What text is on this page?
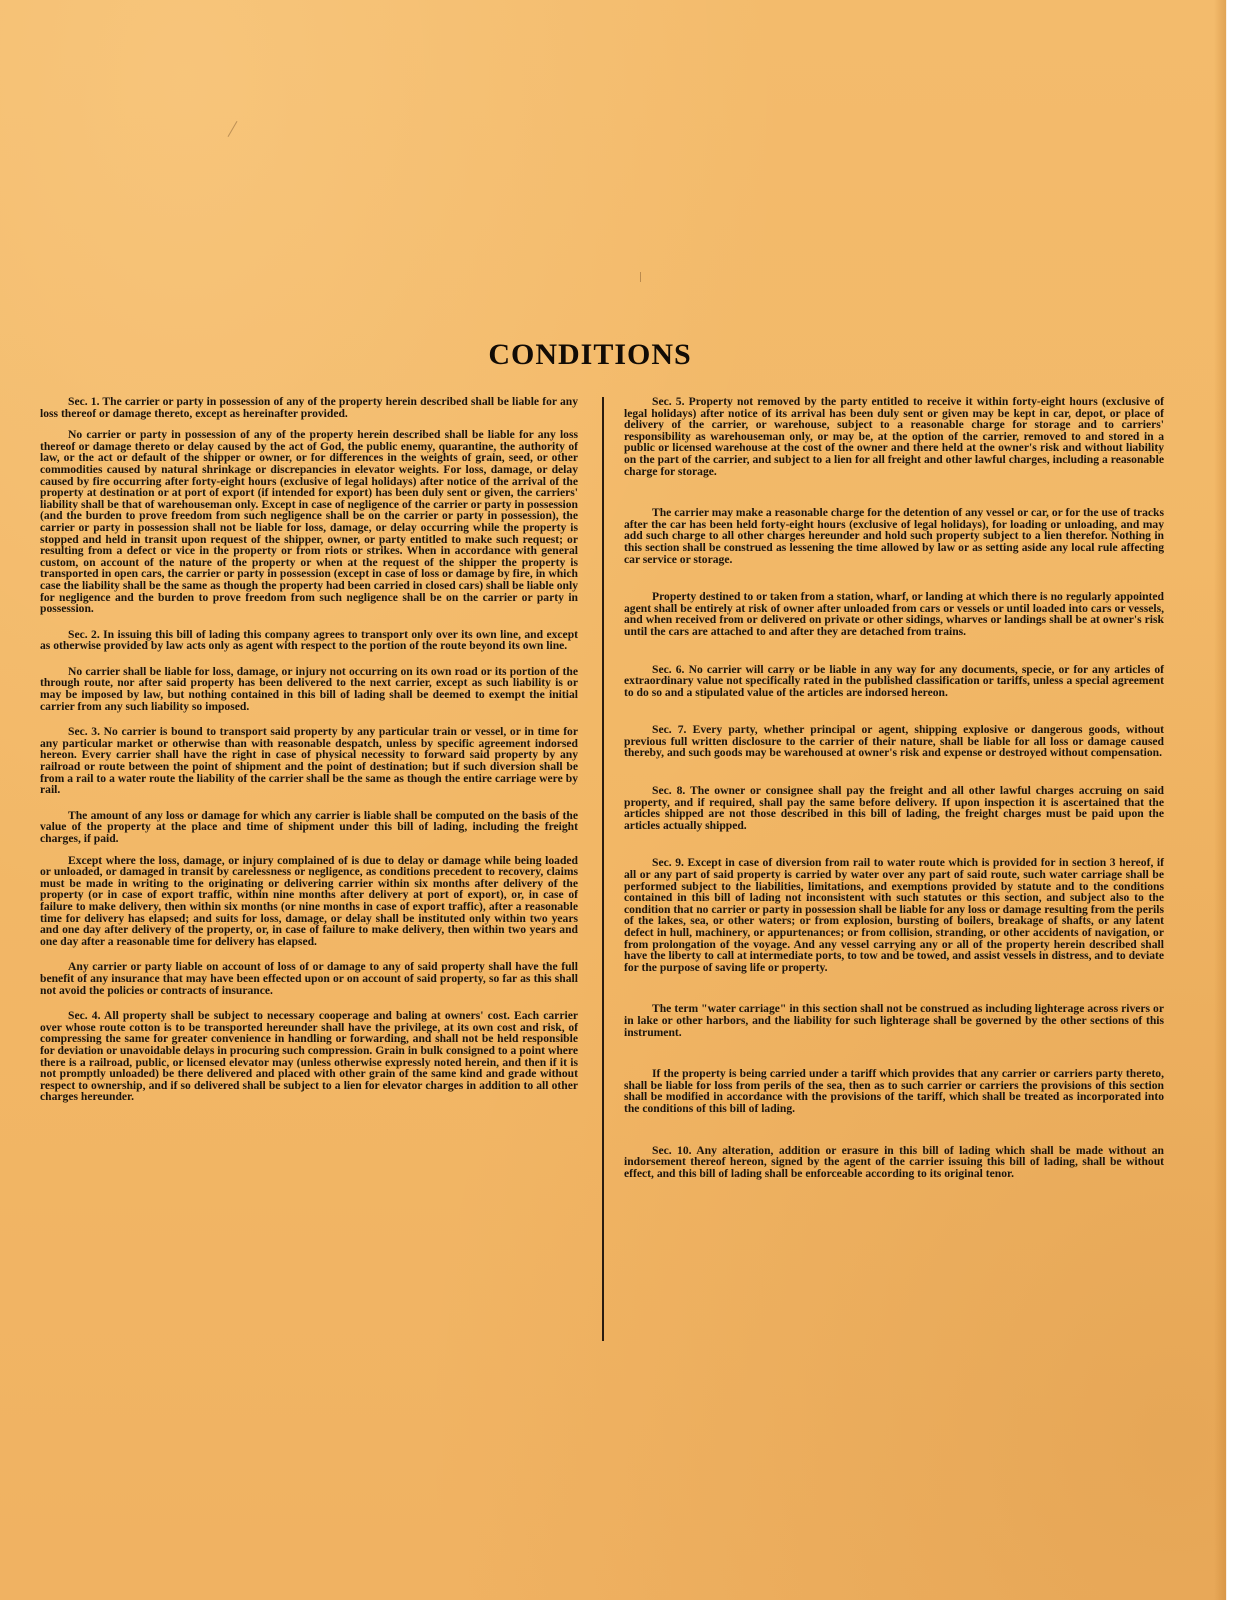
CONDITIONS

Sec. 1. The carrier or party in possession of any of the property herein described shall be liable for any loss thereof or damage thereto, except as hereinafter provided.

No carrier or party in possession of any of the property herein described shall be liable for any loss thereof or damage thereto or delay caused by the act of God, the public enemy, quarantine, the authority of law, or the act or default of the shipper or owner, or for differences in the weights of grain, seed, or other commodities caused by natural shrinkage or discrepancies in elevator weights. For loss, damage, or delay caused by fire occurring after forty-eight hours (exclusive of legal holidays) after notice of the arrival of the property at destination or at port of export (if intended for export) has been duly sent or given, the carriers' liability shall be that of warehouseman only. Except in case of negligence of the carrier or party in possession (and the burden to prove freedom from such negligence shall be on the carrier or party in possession), the carrier or party in possession shall not be liable for loss, damage, or delay occurring while the property is stopped and held in transit upon request of the shipper, owner, or party entitled to make such request; or resulting from a defect or vice in the property or from riots or strikes. When in accordance with general custom, on account of the nature of the property or when at the request of the shipper the property is transported in open cars, the carrier or party in possession (except in case of loss or damage by fire, in which case the liability shall be the same as though the property had been carried in closed cars) shall be liable only for negligence and the burden to prove freedom from such negligence shall be on the carrier or party in possession.

Sec. 2. In issuing this bill of lading this company agrees to transport only over its own line, and except as otherwise provided by law acts only as agent with respect to the portion of the route beyond its own line.

No carrier shall be liable for loss, damage, or injury not occurring on its own road or its portion of the through route, nor after said property has been delivered to the next carrier, except as such liability is or may be imposed by law, but nothing contained in this bill of lading shall be deemed to exempt the initial carrier from any such liability so imposed.

Sec. 3. No carrier is bound to transport said property by any particular train or vessel, or in time for any particular market or otherwise than with reasonable despatch, unless by specific agreement indorsed hereon. Every carrier shall have the right in case of physical necessity to forward said property by any railroad or route between the point of shipment and the point of destination; but if such diversion shall be from a rail to a water route the liability of the carrier shall be the same as though the entire carriage were by rail.

The amount of any loss or damage for which any carrier is liable shall be computed on the basis of the value of the property at the place and time of shipment under this bill of lading, including the freight charges, if paid.

Except where the loss, damage, or injury complained of is due to delay or damage while being loaded or unloaded, or damaged in transit by carelessness or negligence, as conditions precedent to recovery, claims must be made in writing to the originating or delivering carrier within six months after delivery of the property (or in case of export traffic, within nine months after delivery at port of export), or, in case of failure to make delivery, then within six months (or nine months in case of export traffic), after a reasonable time for delivery has elapsed; and suits for loss, damage, or delay shall be instituted only within two years and one day after delivery of the property, or, in case of failure to make delivery, then within two years and one day after a reasonable time for delivery has elapsed.

Any carrier or party liable on account of loss of or damage to any of said property shall have the full benefit of any insurance that may have been effected upon or on account of said property, so far as this shall not avoid the policies or contracts of insurance.

Sec. 4. All property shall be subject to necessary cooperage and baling at owners' cost. Each carrier over whose route cotton is to be transported hereunder shall have the privilege, at its own cost and risk, of compressing the same for greater convenience in handling or forwarding, and shall not be held responsible for deviation or unavoidable delays in procuring such compression. Grain in bulk consigned to a point where there is a railroad, public, or licensed elevator may (unless otherwise expressly noted herein, and then if it is not promptly unloaded) be there delivered and placed with other grain of the same kind and grade without respect to ownership, and if so delivered shall be subject to a lien for elevator charges in addition to all other charges hereunder.

Sec. 5. Property not removed by the party entitled to receive it within forty-eight hours (exclusive of legal holidays) after notice of its arrival has been duly sent or given may be kept in car, depot, or place of delivery of the carrier, or warehouse, subject to a reasonable charge for storage and to carriers' responsibility as warehouseman only, or may be, at the option of the carrier, removed to and stored in a public or licensed warehouse at the cost of the owner and there held at the owner's risk and without liability on the part of the carrier, and subject to a lien for all freight and other lawful charges, including a reasonable charge for storage.

The carrier may make a reasonable charge for the detention of any vessel or car, or for the use of tracks after the car has been held forty-eight hours (exclusive of legal holidays), for loading or unloading, and may add such charge to all other charges hereunder and hold such property subject to a lien therefor. Nothing in this section shall be construed as lessening the time allowed by law or as setting aside any local rule affecting car service or storage.

Property destined to or taken from a station, wharf, or landing at which there is no regularly appointed agent shall be entirely at risk of owner after unloaded from cars or vessels or until loaded into cars or vessels, and when received from or delivered on private or other sidings, wharves or landings shall be at owner's risk until the cars are attached to and after they are detached from trains.

Sec. 6. No carrier will carry or be liable in any way for any documents, specie, or for any articles of extraordinary value not specifically rated in the published classification or tariffs, unless a special agreement to do so and a stipulated value of the articles are indorsed hereon.

Sec. 7. Every party, whether principal or agent, shipping explosive or dangerous goods, without previous full written disclosure to the carrier of their nature, shall be liable for all loss or damage caused thereby, and such goods may be warehoused at owner's risk and expense or destroyed without compensation.

Sec. 8. The owner or consignee shall pay the freight and all other lawful charges accruing on said property, and if required, shall pay the same before delivery. If upon inspection it is ascertained that the articles shipped are not those described in this bill of lading, the freight charges must be paid upon the articles actually shipped.

Sec. 9. Except in case of diversion from rail to water route which is provided for in section 3 hereof, if all or any part of said property is carried by water over any part of said route, such water carriage shall be performed subject to the liabilities, limitations, and exemptions provided by statute and to the conditions contained in this bill of lading not inconsistent with such statutes or this section, and subject also to the condition that no carrier or party in possession shall be liable for any loss or damage resulting from the perils of the lakes, sea, or other waters; or from explosion, bursting of boilers, breakage of shafts, or any latent defect in hull, machinery, or appurtenances; or from collision, stranding, or other accidents of navigation, or from prolongation of the voyage. And any vessel carrying any or all of the property herein described shall have the liberty to call at intermediate ports, to tow and be towed, and assist vessels in distress, and to deviate for the purpose of saving life or property.

The term "water carriage" in this section shall not be construed as including lighterage across rivers or in lake or other harbors, and the liability for such lighterage shall be governed by the other sections of this instrument.

If the property is being carried under a tariff which provides that any carrier or carriers party thereto, shall be liable for loss from perils of the sea, then as to such carrier or carriers the provisions of this section shall be modified in accordance with the provisions of the tariff, which shall be treated as incorporated into the conditions of this bill of lading.

Sec. 10. Any alteration, addition or erasure in this bill of lading which shall be made without an indorsement thereof hereon, signed by the agent of the carrier issuing this bill of lading, shall be without effect, and this bill of lading shall be enforceable according to its original tenor.
